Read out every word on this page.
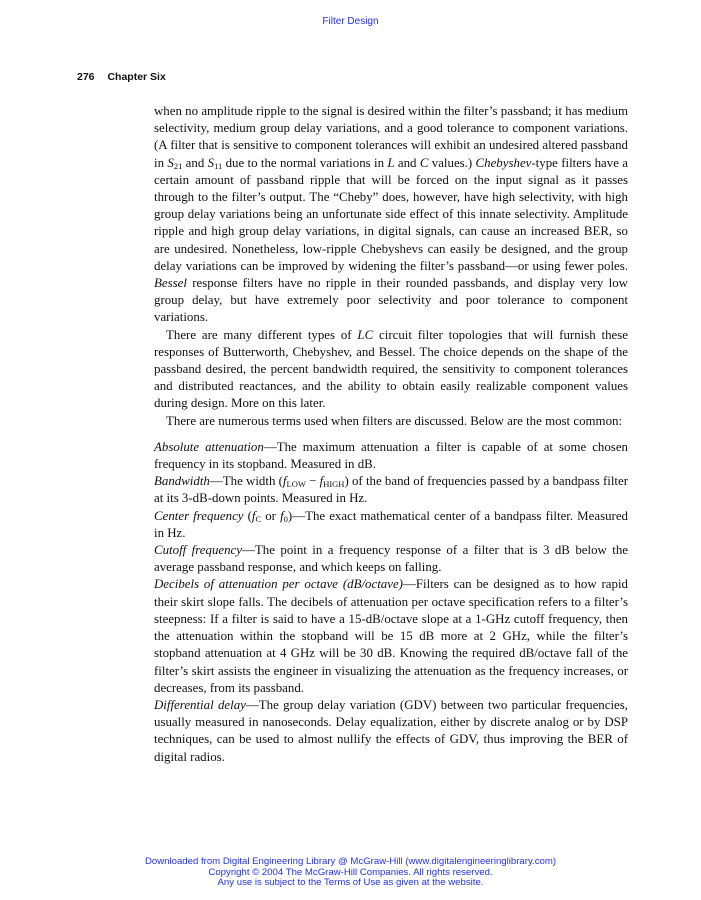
Filter Design
276 Chapter Six

when no amplitude ripple to the signal is desired within the filter’s passband; it has medium selectivity, medium group delay variations, and a good tolerance to component variations. (A filter that is sensitive to component tolerances will exhibit an undesired altered passband in $S_{21}$ and $S_{11}$ due to the normal variations in L and C values.) Chebyshev-type filters have a certain amount of passband ripple that will be forced on the input signal as it passes through to the filter’s output. The “Cheby” does, however, have high selectivity, with high group delay variations being an unfortunate side effect of this innate selectivity. Amplitude ripple and high group delay variations, in digital signals, can cause an increased BER, so are undesired. Nonetheless, low-ripple Chebyshevs can easily be designed, and the group delay variations can be improved by widening the filter’s passband—or using fewer poles. Bessel response filters have no ripple in their rounded passbands, and display very low group delay, but have extremely poor selectivity and poor tolerance to component variations.

There are many different types of LC circuit filter topologies that will furnish these responses of Butterworth, Chebyshev, and Bessel. The choice depends on the shape of the passband desired, the percent bandwidth required, the sensitivity to component tolerances and distributed reactances, and the ability to obtain easily realizable component values during design. More on this later.

There are numerous terms used when filters are discussed. Below are the most common:

Absolute attenuation—The maximum attenuation a filter is capable of at some chosen frequency in its stopband. Measured in dB.

Bandwidth—The width $(f_{LOW} - f_{HIGH})$ of the band of frequencies passed by a bandpass filter at its 3-dB-down points. Measured in Hz.

Center frequency ($f_C$ or $f_0)—The$ exact mathematical center of a bandpass filter. Measured in Hz.

Cutoff frequency—The point in a frequency response of a filter that is 3 dB below the average passband response, and which keeps on falling.

Decibels of attenuation per octave (dB/octave)—Filters can be designed as to how rapid their skirt slope falls. The decibels of attenuation per octave specification refers to a filter’s steepness: If a filter is said to have a 15-dB/octave slope at a 1-GHz cutoff frequency, then the attenuation within the stopband will be 15 dB more at 2 GHz, while the filter’s stopband attenuation at 4 GHz will be 30 dB. Knowing the required dB/octave fall of the filter’s skirt assists the engineer in visualizing the attenuation as the frequency increases, or decreases, from its passband.

Differential delay—The group delay variation (GDV) between two particular frequencies, usually measured in nanoseconds. Delay equalization, either by discrete analog or by DSP techniques, can be used to almost nullify the effects of GDV, thus improving the BER of digital radios.

Downloaded from Digital Engineering Library @ McGraw-Hill (www.digitalengineeringlibrary.com)
Copyright © 2004 The McGraw-Hill Companies. All rights reserved.
Any use is subject to the Terms of Use as given at the website.
